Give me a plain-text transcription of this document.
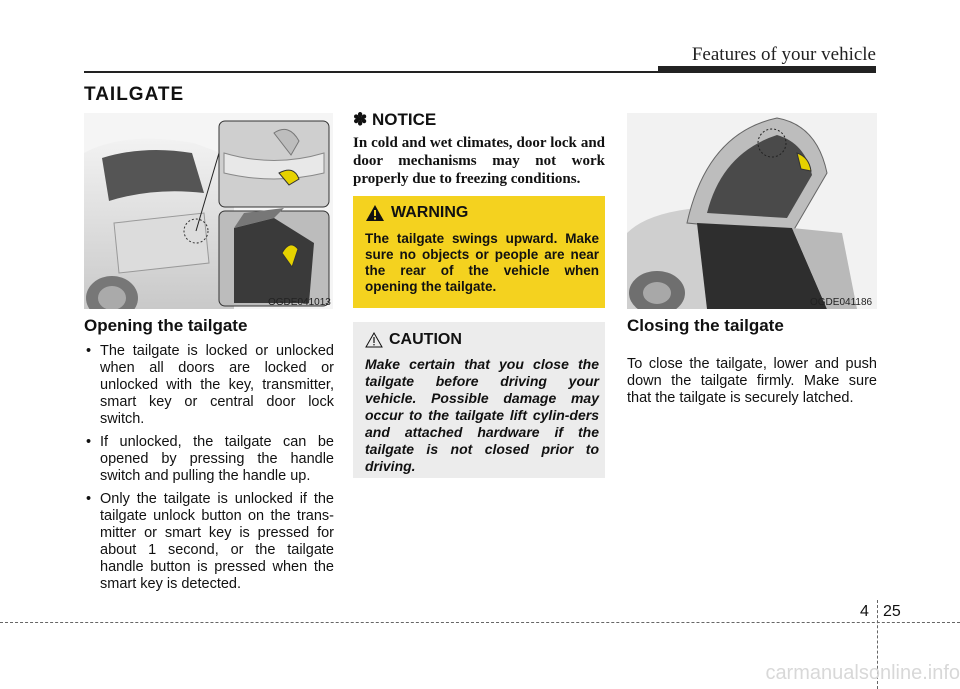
Features of your vehicle
TAILGATE
OGDE041013
Opening the tailgate
• The tailgate is locked or unlocked when all doors are locked or unlocked with the key, transmitter, smart key or central door lock switch.
• If unlocked, the tailgate can be opened by pressing the handle switch and pulling the handle up.
• Only the tailgate is unlocked if the tailgate unlock button on the trans-mitter or smart key is pressed for about 1 second, or the tailgate handle button is pressed when the smart key is detected.
✽ NOTICE
In cold and wet climates, door lock and door mechanisms may not work properly due to freezing conditions.
WARNING
The tailgate swings upward. Make sure no objects or people are near the rear of the vehicle when opening the tailgate.
CAUTION
Make certain that you close the tailgate before driving your vehicle. Possible damage may occur to the tailgate lift cylin-ders and attached hardware if the tailgate is not closed prior to driving.
OGDE041186
Closing the tailgate
To close the tailgate, lower and push down the tailgate firmly. Make sure that the tailgate is securely latched.
4 25
carmanualsonline.info
